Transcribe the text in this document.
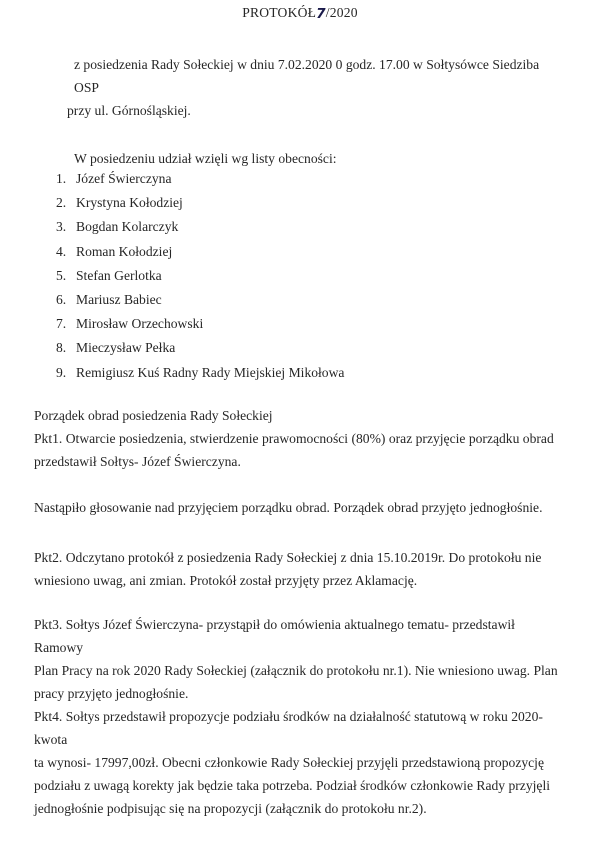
PROTOKÓŁ7/2020
z posiedzenia Rady Sołeckiej w dniu 7.02.2020 0 godz. 17.00 w Sołtysówce Siedziba OSP
przy ul. Górnośląskiej.
W posiedzeniu udział wzięli wg listy obecności:
1. Józef Świerczyna
2. Krystyna Kołodziej
3. Bogdan Kolarczyk
4. Roman Kołodziej
5. Stefan Gerlotka
6. Mariusz Babiec
7. Mirosław Orzechowski
8. Mieczysław Pełka
9. Remigiusz Kuś Radny Rady Miejskiej Mikołowa
Porządek obrad posiedzenia Rady Sołeckiej
Pkt1. Otwarcie posiedzenia, stwierdzenie prawomocności (80%) oraz przyjęcie porządku obrad
przedstawił Sołtys- Józef Świerczyna.
Nastąpiło głosowanie nad przyjęciem porządku obrad. Porządek obrad przyjęto jednogłośnie.
Pkt2. Odczytano protokół z posiedzenia Rady Sołeckiej z dnia 15.10.2019r. Do protokołu nie
wniesiono uwag, ani zmian. Protokół został przyjęty przez Aklamację.
Pkt3. Sołtys Józef Świerczyna- przystąpił do omówienia aktualnego tematu- przedstawił Ramowy
Plan Pracy na rok 2020 Rady Sołeckiej (załącznik do protokołu nr.1). Nie wniesiono uwag. Plan
pracy przyjęto jednogłośnie.
Pkt4. Sołtys przedstawił propozycje podziału środków na działalność statutową w roku 2020- kwota
ta wynosi- 17997,00zł. Obecni członkowie Rady Sołeckiej przyjęli przedstawioną propozycję
podziału z uwagą korekty jak będzie taka potrzeba. Podział środków członkowie Rady przyjęli
jednogłośnie podpisując się na propozycji (załącznik do protokołu nr.2).
